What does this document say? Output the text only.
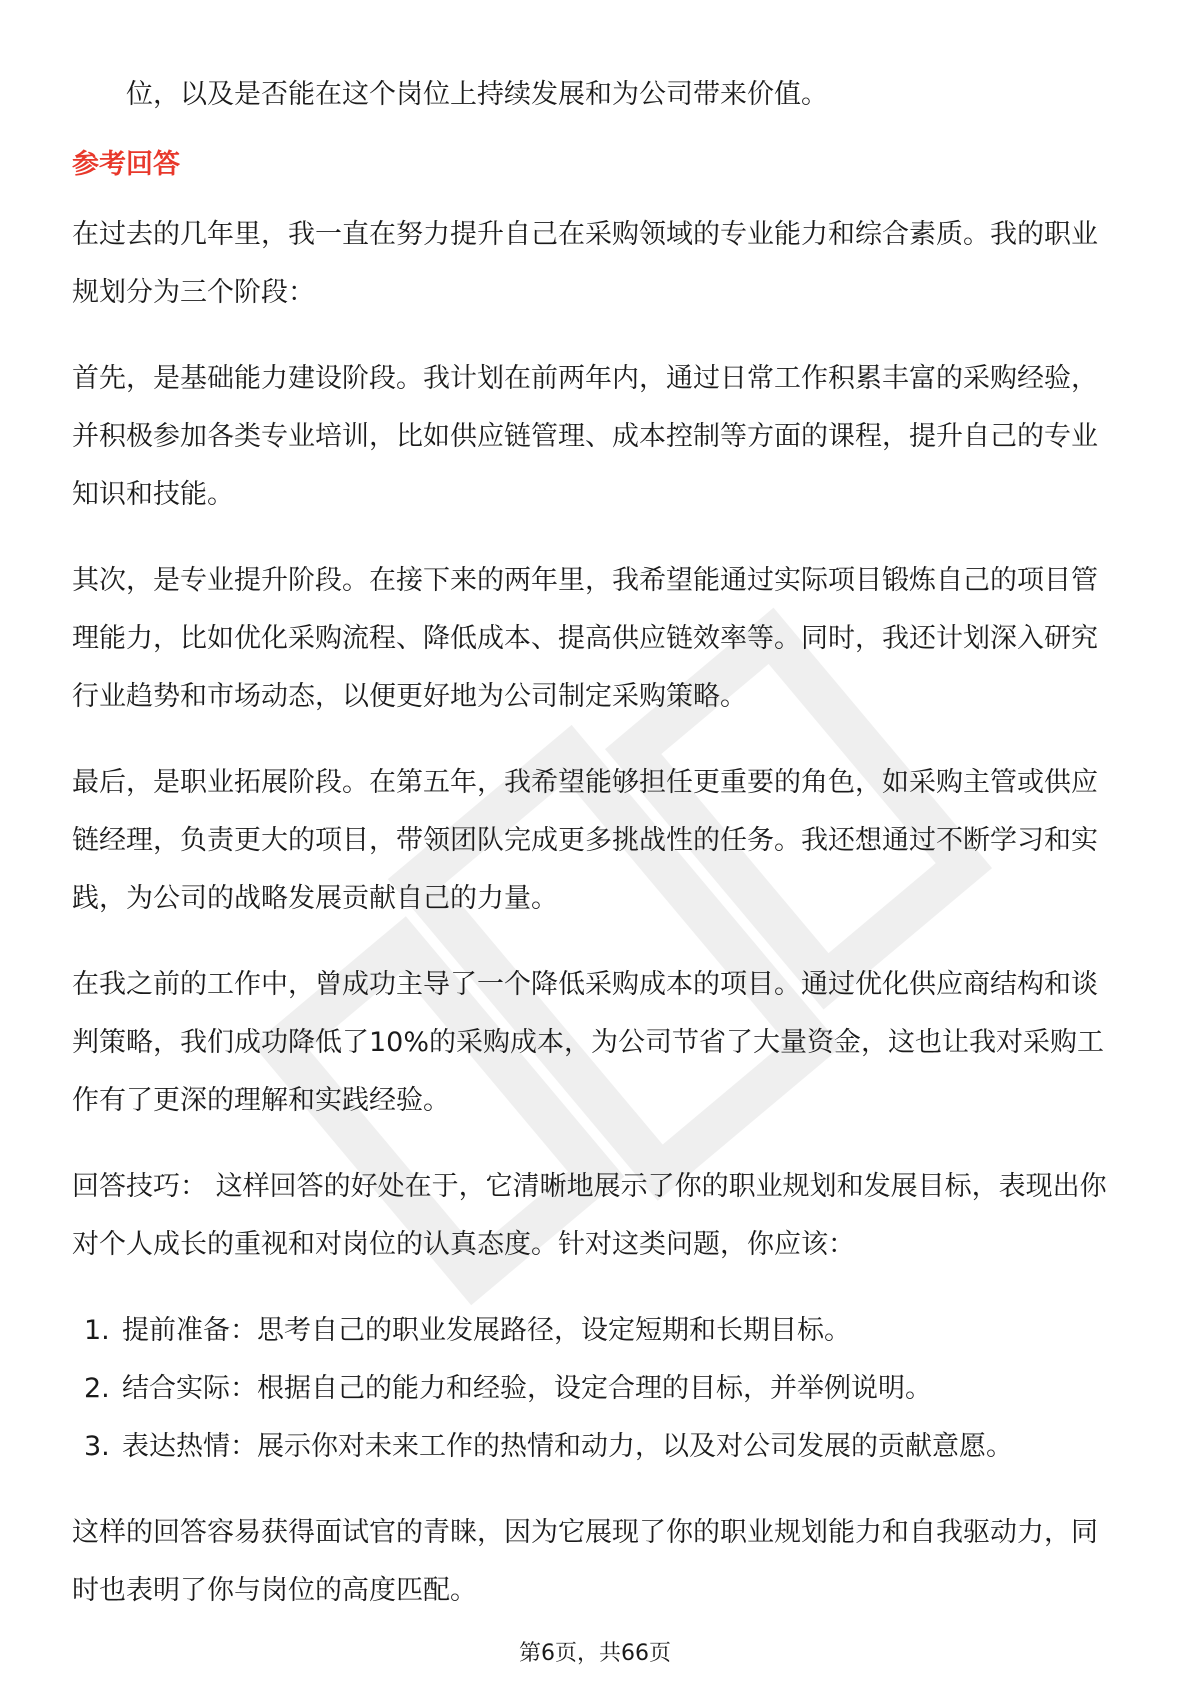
位，以及是否能在这个岗位上持续发展和为公司带来价值。

参考回答

在过去的几年里，我一直在努力提升自己在采购领域的专业能力和综合素质。我的职业规划分为三个阶段：

首先，是基础能力建设阶段。我计划在前两年内，通过日常工作积累丰富的采购经验，并积极参加各类专业培训，比如供应链管理、成本控制等方面的课程，提升自己的专业知识和技能。

其次，是专业提升阶段。在接下来的两年里，我希望能通过实际项目锻炼自己的项目管理能力，比如优化采购流程、降低成本、提高供应链效率等。同时，我还计划深入研究行业趋势和市场动态，以便更好地为公司制定采购策略。

最后，是职业拓展阶段。在第五年，我希望能够担任更重要的角色，如采购主管或供应链经理，负责更大的项目，带领团队完成更多挑战性的任务。我还想通过不断学习和实践，为公司的战略发展贡献自己的力量。

在我之前的工作中，曾成功主导了一个降低采购成本的项目。通过优化供应商结构和谈判策略，我们成功降低了10%的采购成本，为公司节省了大量资金，这也让我对采购工作有了更深的理解和实践经验。

回答技巧： 这样回答的好处在于，它清晰地展示了你的职业规划和发展目标，表现出你对个人成长的重视和对岗位的认真态度。针对这类问题，你应该：

1. 提前准备：思考自己的职业发展路径，设定短期和长期目标。
2. 结合实际：根据自己的能力和经验，设定合理的目标，并举例说明。
3. 表达热情：展示你对未来工作的热情和动力，以及对公司发展的贡献意愿。

这样的回答容易获得面试官的青睐，因为它展现了你的职业规划能力和自我驱动力，同时也表明了你与岗位的高度匹配。

第6页，共66页
